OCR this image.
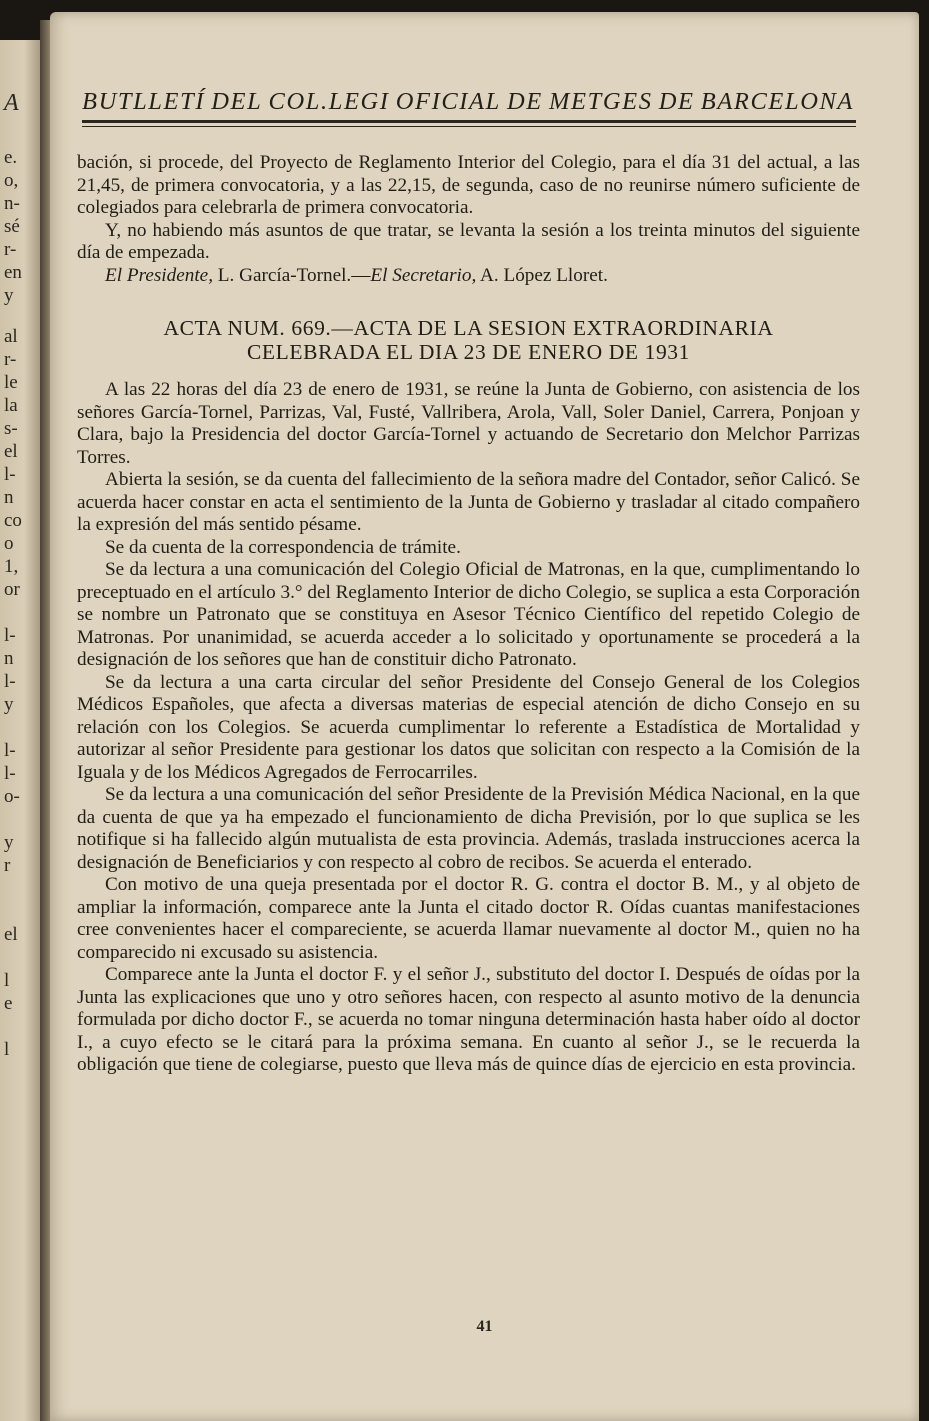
A
e.
o,
n-
sé
r-
en
y
al
r-
le
la
s-
el
l-
n
co
o
1,
or
l-
n
l-
y
l-
l-
o-
y
r
el
l
e
l
BUTLLETÍ DEL COL.LEGI OFICIAL DE METGES DE BARCELONA

bación, si procede, del Proyecto de Reglamento Interior del Colegio, para el día 31 del actual, a las 21,45, de primera convocatoria, y a las 22,15, de segunda, caso de no reunirse número suficiente de colegiados para celebrarla de primera convocatoria.

Y, no habiendo más asuntos de que tratar, se levanta la sesión a los treinta minutos del siguiente día de empezada.

El Presidente, L. García-Tornel.—El Secretario, A. López Lloret.

ACTA NUM. 669.—ACTA DE LA SESION EXTRAORDINARIA
CELEBRADA EL DIA 23 DE ENERO DE 1931

A las 22 horas del día 23 de enero de 1931, se reúne la Junta de Gobierno, con asistencia de los señores García-Tornel, Parrizas, Val, Fusté, Vallribera, Arola, Vall, Soler Daniel, Carrera, Ponjoan y Clara, bajo la Presidencia del doctor García-Tornel y actuando de Secretario don Melchor Parrizas Torres.

Abierta la sesión, se da cuenta del fallecimiento de la señora madre del Contador, señor Calicó. Se acuerda hacer constar en acta el sentimiento de la Junta de Gobierno y trasladar al citado compañero la expresión del más sentido pésame.

Se da cuenta de la correspondencia de trámite.

Se da lectura a una comunicación del Colegio Oficial de Matronas, en la que, cumplimentando lo preceptuado en el artículo 3.° del Reglamento Interior de dicho Colegio, se suplica a esta Corporación se nombre un Patronato que se constituya en Asesor Técnico Científico del repetido Colegio de Matronas. Por unanimidad, se acuerda acceder a lo solicitado y oportunamente se procederá a la designación de los señores que han de constituir dicho Patronato.

Se da lectura a una carta circular del señor Presidente del Consejo General de los Colegios Médicos Españoles, que afecta a diversas materias de especial atención de dicho Consejo en su relación con los Colegios. Se acuerda cumplimentar lo referente a Estadística de Mortalidad y autorizar al señor Presidente para gestionar los datos que solicitan con respecto a la Comisión de la Iguala y de los Médicos Agregados de Ferrocarriles.

Se da lectura a una comunicación del señor Presidente de la Previsión Médica Nacional, en la que da cuenta de que ya ha empezado el funcionamiento de dicha Previsión, por lo que suplica se les notifique si ha fallecido algún mutualista de esta provincia. Además, traslada instrucciones acerca la designación de Beneficiarios y con respecto al cobro de recibos. Se acuerda el enterado.

Con motivo de una queja presentada por el doctor R. G. contra el doctor B. M., y al objeto de ampliar la información, comparece ante la Junta el citado doctor R. Oídas cuantas manifestaciones cree convenientes hacer el compareciente, se acuerda llamar nuevamente al doctor M., quien no ha comparecido ni excusado su asistencia.

Comparece ante la Junta el doctor F. y el señor J., substituto del doctor I. Después de oídas por la Junta las explicaciones que uno y otro señores hacen, con respecto al asunto motivo de la denuncia formulada por dicho doctor F., se acuerda no tomar ninguna determinación hasta haber oído al doctor I., a cuyo efecto se le citará para la próxima semana. En cuanto al señor J., se le recuerda la obligación que tiene de colegiarse, puesto que lleva más de quince días de ejercicio en esta provincia.

41
